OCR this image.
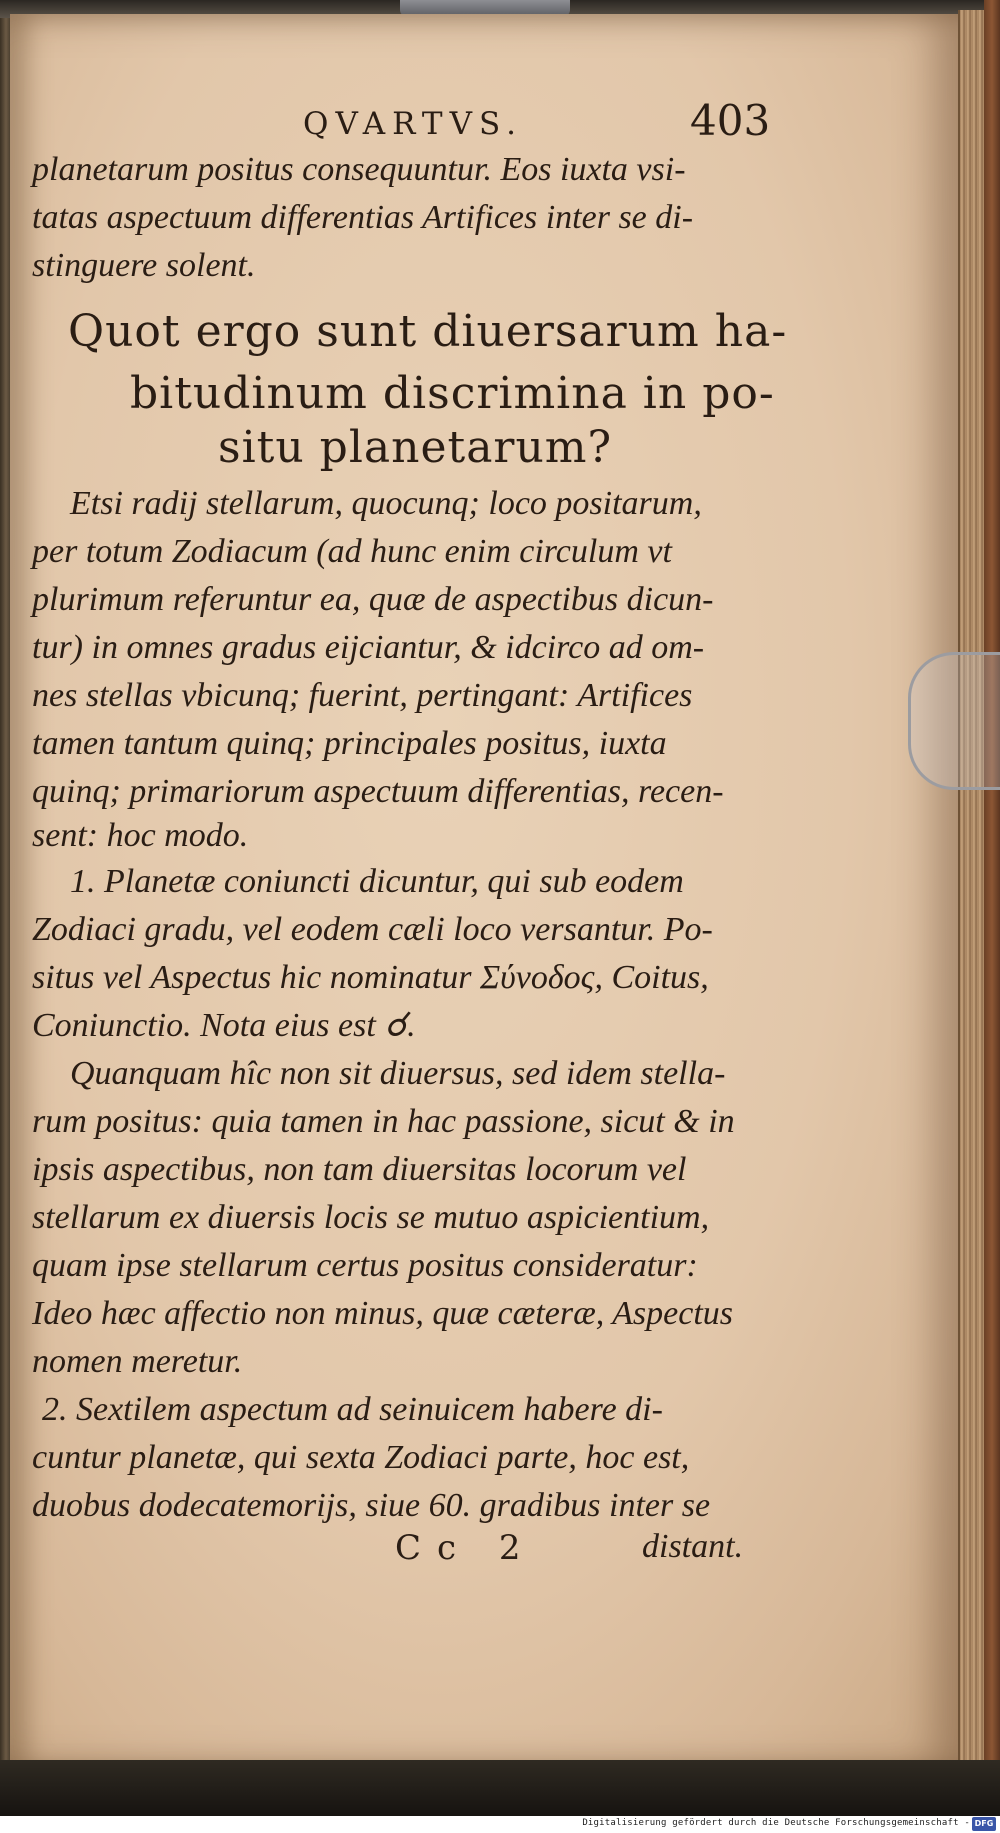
QVARTVS.	403
planetarum positus consequuntur. Eos iuxta vsi-
tatas aspectuum differentias Artifices inter se di-
stinguere solent.
Quot ergo sunt diuersarum ha-
bitudinum discrimina in po-
situ planetarum?
Etsi radij stellarum, quocunq; loco positarum,
per totum Zodiacum (ad hunc enim circulum vt
plurimum referuntur ea, quæ de aspectibus dicun-
tur) in omnes gradus eijciantur, & idcirco ad om-
nes stellas vbicunq; fuerint, pertingant: Artifices
tamen tantum quinq; principales positus, iuxta
quinq; primariorum aspectuum differentias, recen-
sent: hoc modo.
1. Planetæ coniuncti dicuntur, qui sub eodem
Zodiaci gradu, vel eodem cæli loco versantur. Po-
situs vel Aspectus hic nominatur Σύνοδος, Coitus,
Coniunctio. Nota eius est ☌.
Quanquam hîc non sit diuersus, sed idem stella-
rum positus: quia tamen in hac passione, sicut & in
ipsis aspectibus, non tam diuersitas locorum vel
stellarum ex diuersis locis se mutuo aspicientium,
quam ipse stellarum certus positus consideratur:
Ideo hæc affectio non minus, quæ cæteræ, Aspectus
nomen meretur.
2. Sextilem aspectum ad seinuicem habere di-
cuntur planetæ, qui sexta Zodiaci parte, hoc est,
duobus dodecatemorijs, siue 60. gradibus inter se
Cc 2	distant.
Digitalisierung gefördert durch die Deutsche Forschungsgemeinschaft - DFG
